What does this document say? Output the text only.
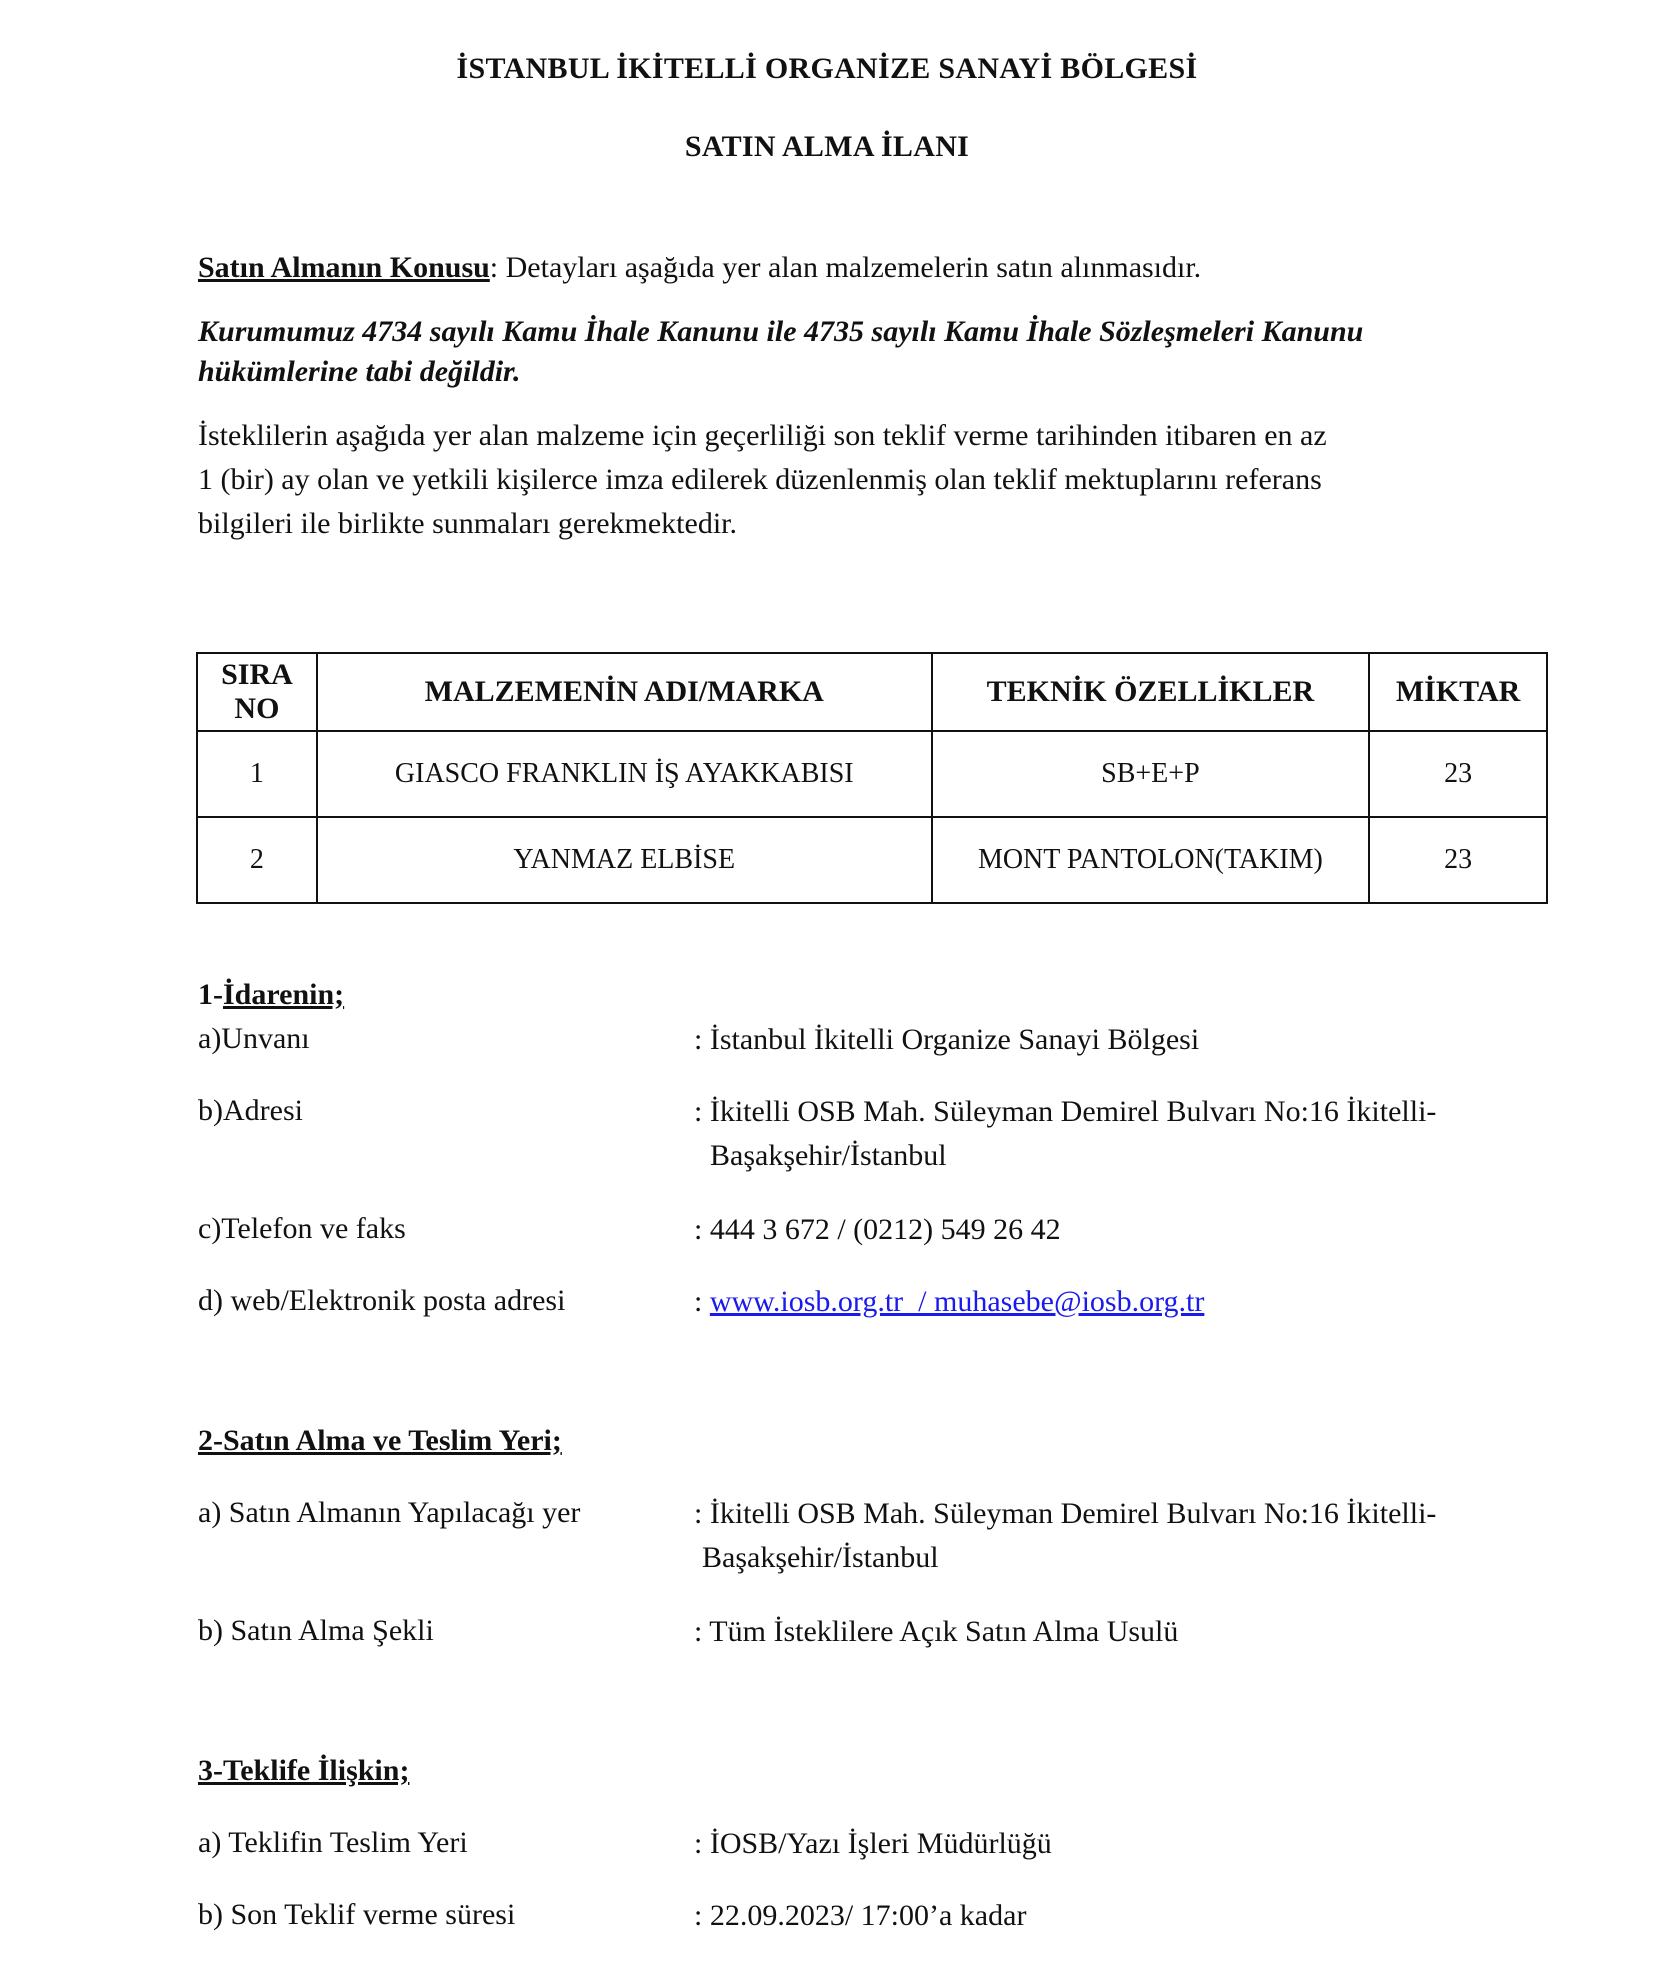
İSTANBUL İKİTELLİ ORGANİZE SANAYİ BÖLGESİ
SATIN ALMA İLANI
Satın Almanın Konusu: Detayları aşağıda yer alan malzemelerin satın alınmasıdır.
Kurumumuz 4734 sayılı Kamu İhale Kanunu ile 4735 sayılı Kamu İhale Sözleşmeleri Kanunu
hükümlerine tabi değildir.
İsteklilerin aşağıda yer alan malzeme için geçerliliği son teklif verme tarihinden itibaren en az
1 (bir) ay olan ve yetkili kişilerce imza edilerek düzenlenmiş olan teklif mektuplarını referans
bilgileri ile birlikte sunmaları gerekmektedir.
SIRA
NO	MALZEMENİN ADI/MARKA	TEKNİK ÖZELLİKLER	MİKTAR
1	GIASCO FRANKLIN İŞ AYAKKABISI	SB+E+P	23
2	YANMAZ ELBİSE	MONT PANTOLON(TAKIM)	23
1-İdarenin;
a)Unvanı	: İstanbul İkitelli Organize Sanayi Bölgesi
b)Adresi	: İkitelli OSB Mah. Süleyman Demirel Bulvarı No:16 İkitelli-
Başakşehir/İstanbul
c)Telefon ve faks	: 444 3 672 / (0212) 549 26 42
d) web/Elektronik posta adresi	: www.iosb.org.tr  / muhasebe@iosb.org.tr
2-Satın Alma ve Teslim Yeri;
a) Satın Almanın Yapılacağı yer	: İkitelli OSB Mah. Süleyman Demirel Bulvarı No:16 İkitelli-
Başakşehir/İstanbul
b) Satın Alma Şekli	: Tüm İsteklilere Açık Satın Alma Usulü
3-Teklife İlişkin;
a) Teklifin Teslim Yeri	: İOSB/Yazı İşleri Müdürlüğü
b) Son Teklif verme süresi	: 22.09.2023/ 17:00’a kadar
